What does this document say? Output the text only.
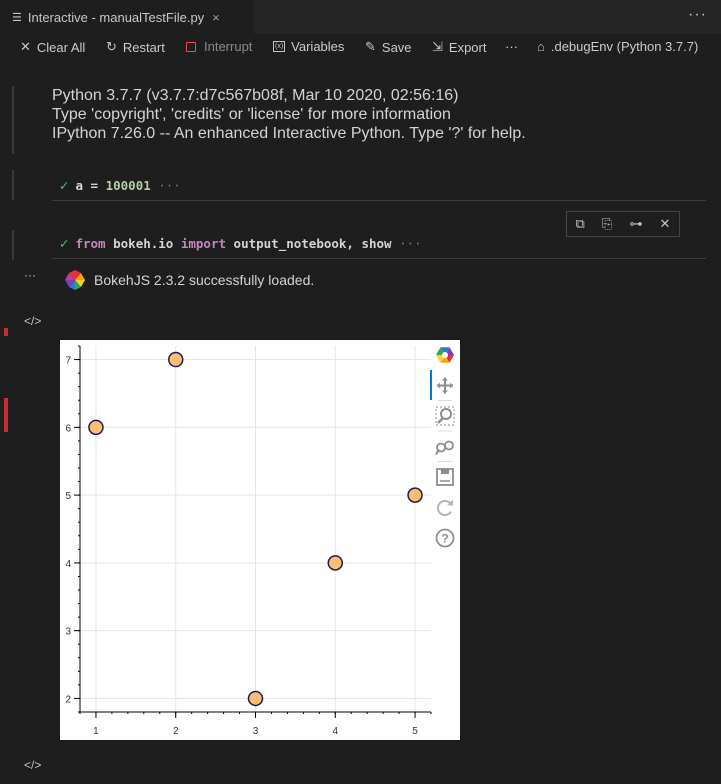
☰ Interactive - manualTestFile.py ×	···
✕ Clear All ↻ Restart	Interrupt	(x) Variables ✎ Save ⇲ Export ··· ⌂ .debugEnv (Python 3.7.7)
Python 3.7.7 (v3.7.7:d7c567b08f, Mar 10 2020, 02:56:16)
Type 'copyright', 'credits' or 'license' for more information
IPython 7.26.0 -- An enhanced Interactive Python. Type '?' for help.
✓ a = 100001 ···
⧉ ⎘ ⊶ ✕
✓ from bokeh.io import output_notebook, show ···
···
</>
</>
BokehJS 2.3.2 successfully loaded.
2
3
4
5
6
7
1	2	3	4	5
?
